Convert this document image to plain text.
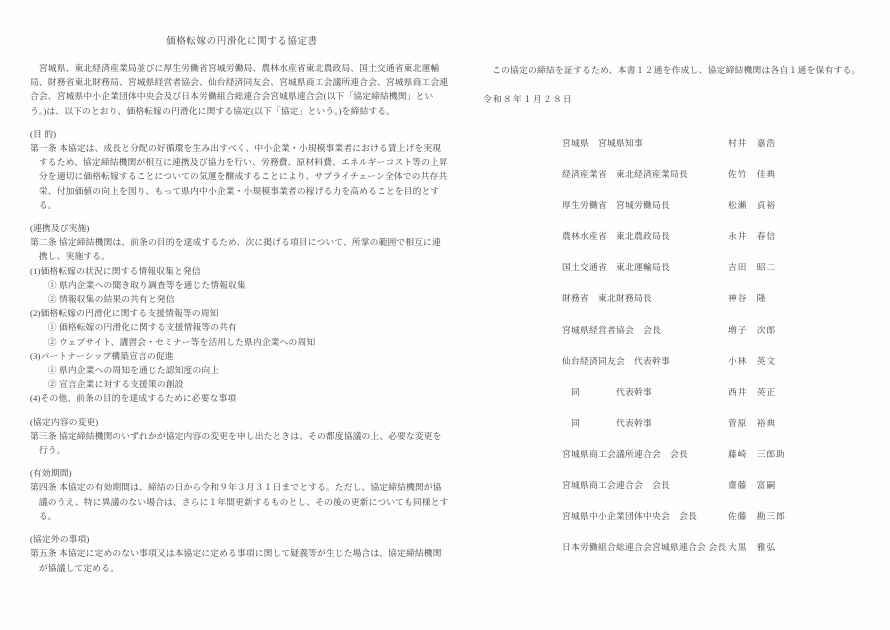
価格転嫁の円滑化に関する協定書
　宮城県、東北経済産業局並びに厚生労働省宮城労働局、農林水産省東北農政局、国土交通省東北運輸
局、財務省東北財務局、宮城県経営者協会、仙台経済同友会、宮城県商工会議所連合会、宮城県商工会連
合会、宮城県中小企業団体中央会及び日本労働組合総連合会宮城県連合会(以下「協定締結機関」とい
う。)は、以下のとおり、価格転嫁の円滑化に関する協定(以下「協定」という。)を締結する。
(目 的)
第一条 本協定は、成長と分配の好循環を生み出すべく、中小企業・小規模事業者における賃上げを実現
　するため、協定締結機関が相互に連携及び協力を行い、労務費、原材料費、エネルギーコスト等の上昇
　分を適切に価格転嫁することについての気運を醸成することにより、サプライチェーン全体での共存共
　栄、付加価値の向上を図り、もって県内中小企業・小規模事業者の稼げる力を高めることを目的とす
　る。
(連携及び実施)
第二条 協定締結機関は、前条の目的を達成するため、次に掲げる項目について、所掌の範囲で相互に連
　携し、実施する。
(1)価格転嫁の状況に関する情報収集と発信
　　① 県内企業への聞き取り調査等を通じた情報収集
　　② 情報収集の結果の共有と発信
(2)価格転嫁の円滑化に関する支援情報等の周知
　　① 価格転嫁の円滑化に関する支援情報等の共有
　　② ウェブサイト、講習会・セミナー等を活用した県内企業への周知
(3)パートナーシップ構築宣言の促進
　　① 県内企業への周知を通じた認知度の向上
　　② 宣言企業に対する支援策の創設
(4)その他、前条の目的を達成するために必要な事項
(協定内容の変更)
第三条 協定締結機関のいずれかが協定内容の変更を申し出たときは、その都度協議の上、必要な変更を
　行う。
(有効期間)
第四条 本協定の有効期間は、締結の日から令和９年３月３１日までとする。ただし、協定締結機関が協
　議のうえ、特に異議のない場合は、さらに１年間更新するものとし、その後の更新についても同様とす
　る。
(協定外の事項)
第五条 本協定に定めのない事項又は本協定に定める事項に関して疑義等が生じた場合は、協定締結機関
　が協議して定める。
　この協定の締結を証するため、本書１２通を作成し、協定締結機関は各自１通を保有する。
令和８年１月２８日
宮城県　宮城県知事	村井　嘉浩
経済産業省　東北経済産業局長	佐竹　佳典
厚生労働省　宮城労働局長	松瀨　貞裕
農林水産省　東北農政局長	永井　春信
国土交通省　東北運輸局長	吉田　昭二
財務省　東北財務局長	神谷　隆
宮城県経営者協会　会長	増子　次郎
仙台経済同友会　代表幹事	小林　英文
　同　　　　代表幹事	西井　英正
　同　　　　代表幹事	菅原　裕典
宮城県商工会議所連合会　会長	藤崎　三郎助
宮城県商工会連合会　会長	齋藤　富嗣
宮城県中小企業団体中央会　会長	佐藤　勘三郎
日本労働組合総連合会宮城県連合会 会長 大黒　雅弘
